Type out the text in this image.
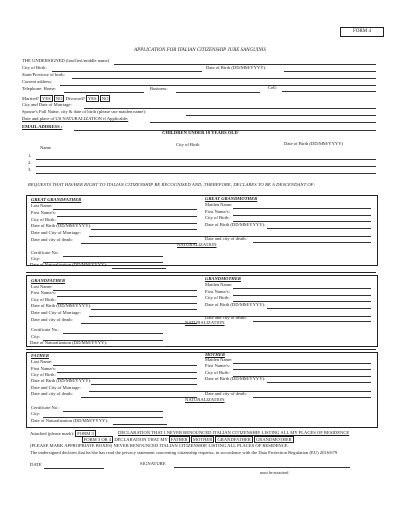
FORM 4
APPLICATION FOR ITALIAN CITIZENSHIP JURE SANGUINIS
THE UNDERSIGNED (last/first/middle name)
City of Birth:	Date of Birth (DD/MM/YYYY):
State/Province of birth:
Current address:
Telephone: Home:	Business:	Cell:
Married? YES NO Divorced? YES NO
City and Date of Marriage:
Spouse's Full Name, city & date of birth (please use maiden name):
Date and place of US NATURALIZATION if Applicable:
EMAIL ADDRESS :
CHILDREN UNDER 18 YEARS OLD
Name
City of Birth	Date of Birth (DD/MM/YYYY)
1.
2.
3.
REQUESTS THAT HIS/HER RIGHT TO ITALIAN CITIZENSHIP BE RECOGNISED AND, THEREFORE, DECLARES TO BE A DESCENDANT OF:
GREAT GRANDFATHER	GREAT GRANDMOTHER
Last Name:
First Name/s:
City of Birth:
Date of Birth (DD/MM/YYYY):
Date and City of Marriage:
Date and city of death:
Maiden Name:
First Name/s:
City of Birth:
Date of Birth (DD/MM/YYYY):
Date and city of death:
NATURALIZATION
Certificate No.:
City:
Date of Naturalization (DD/MM/YYYY):
GRANDFATHER	GRANDMOTHER
Last Name:
First Name/s:
City of Birth:
Date of Birth (DD/MM/YYYY):
Date and City of Marriage:
Date and city of death:
Maiden Name:
First Name/s:
City of Birth:
Date of Birth (DD/MM/YYYY):
Date and city of death:
NATURALIZATION
Certificate No.:
City:
Date of Naturalization (DD/MM/YYYY):
FATHER	MOTHER
Last Name:
First Name/s:
City of Birth:
Date of Birth (DD/MM/YYYY):
Date and City of Marriage:
Date and city of death:
Maiden Name:
First Name/s:
City of Birth:
Date of Birth (DD/MM/YYYY):
Date and city of death:
NATURALIZATION
Certificate No.:
City:
Date of Naturalization (DD/MM/YYYY):
Attached (please mark): FORM 3	DECLARATION THAT I NEVER RENOUNCED ITALIAN CITIZENSHIP, LISTING ALL MY PLACES OF RESIDENCE
FORM 3 OR 4 DECLARATION THAT MY FATHER MOTHER GRANDFATHER GRANDMOTHER
(PLEASE MARK APPROPRIATE BOXES) NEVER RENOUNCED ITALIAN CITIZENSHIP, LISTING ALL PLACES OF RESIDENCE.
The undersigned declares that he/she has read the privacy statement concerning citizenship requests, in accordance with the Data Protection Regulation (EU) 2016/679.
DATE	SIGNATURE
must be notarized
